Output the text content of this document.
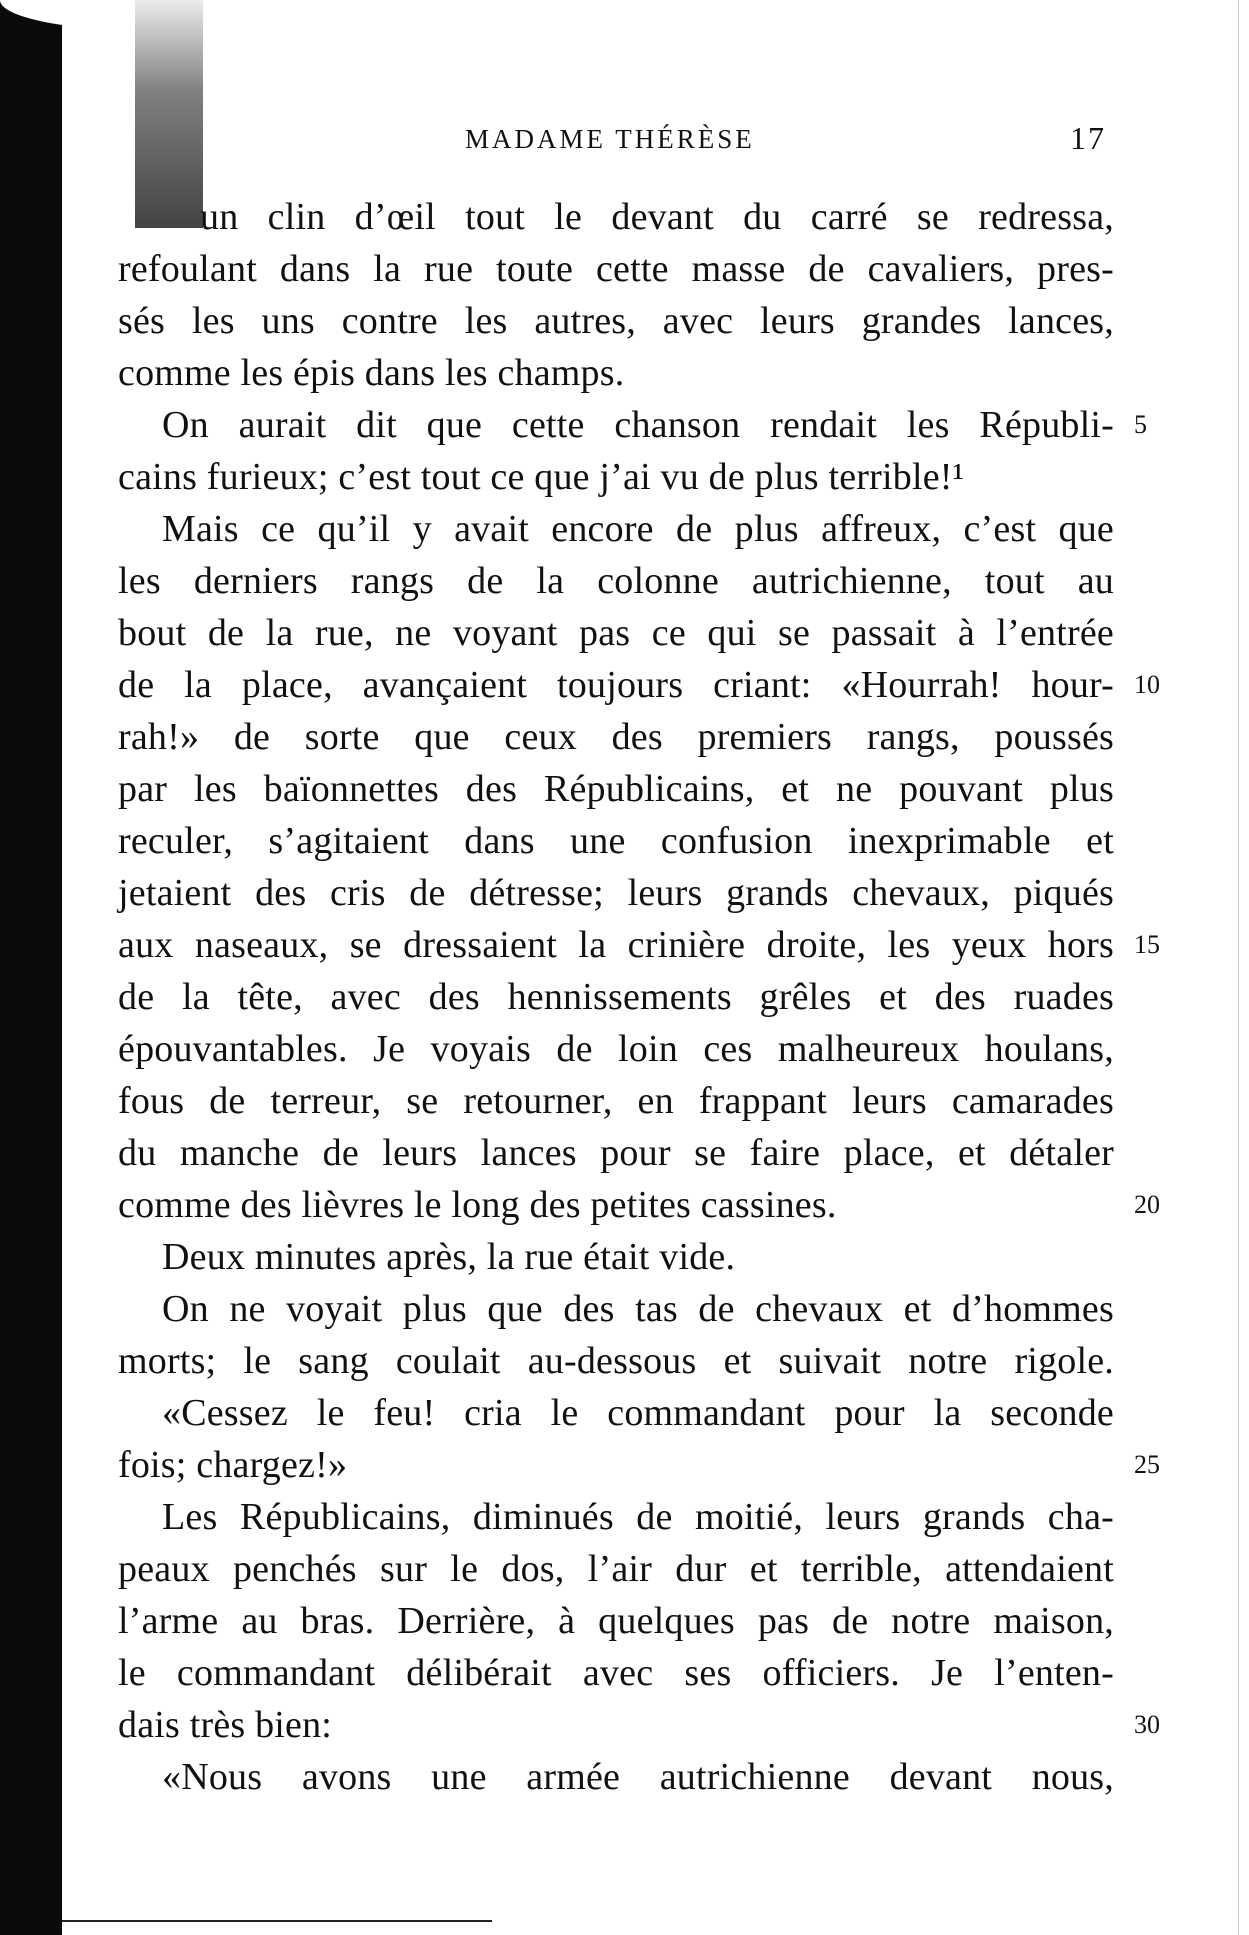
MADAME THÉRÈSE	17
un clin d’œil tout le devant du carré se redressa,
refoulant dans la rue toute cette masse de cavaliers, pres-
sés les uns contre les autres, avec leurs grandes lances,
comme les épis dans les champs.
On aurait dit que cette chanson rendait les Républi-
cains furieux; c’est tout ce que j’ai vu de plus terrible!¹
Mais ce qu’il y avait encore de plus affreux, c’est que
les derniers rangs de la colonne autrichienne, tout au
bout de la rue, ne voyant pas ce qui se passait à l’entrée
de la place, avançaient toujours criant: «Hourrah! hour-
rah!» de sorte que ceux des premiers rangs, poussés
par les baïonnettes des Républicains, et ne pouvant plus
reculer, s’agitaient dans une confusion inexprimable et
jetaient des cris de détresse; leurs grands chevaux, piqués
aux naseaux, se dressaient la crinière droite, les yeux hors
de la tête, avec des hennissements grêles et des ruades
épouvantables. Je voyais de loin ces malheureux houlans,
fous de terreur, se retourner, en frappant leurs camarades
du manche de leurs lances pour se faire place, et détaler
comme des lièvres le long des petites cassines.
Deux minutes après, la rue était vide.
On ne voyait plus que des tas de chevaux et d’hommes
morts; le sang coulait au-dessous et suivait notre rigole.
«Cessez le feu! cria le commandant pour la seconde
fois; chargez!»
Les Républicains, diminués de moitié, leurs grands cha-
peaux penchés sur le dos, l’air dur et terrible, attendaient
l’arme au bras. Derrière, à quelques pas de notre maison,
le commandant délibérait avec ses officiers. Je l’enten-
dais très bien:
«Nous avons une armée autrichienne devant nous,
5
10
15
20
25
30
